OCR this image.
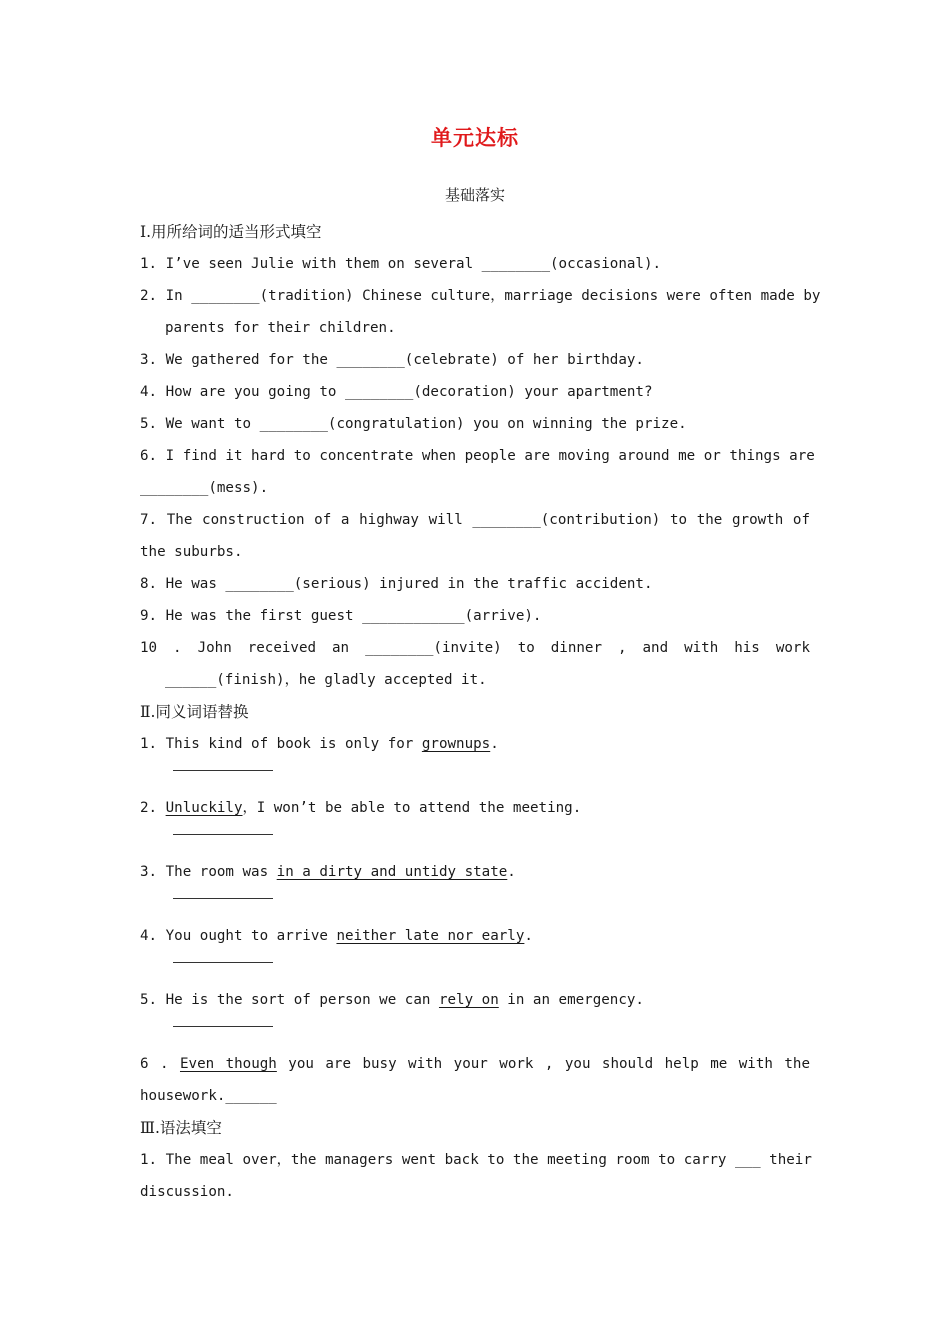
单元达标
基础落实
Ⅰ.用所给词的适当形式填空
1. I’ve seen Julie with them on several ________(occasional).
2. In ________(tradition) Chinese culture，marriage decisions were often made by
parents for their children.
3. We gathered for the ________(celebrate) of her birthday.
4. How are you going to ________(decoration) your apartment?
5. We want to ________(congratulation) you on winning the prize.
6. I find it hard to concentrate when people are moving around me or things are
________(mess).
7. The construction of a highway will ________(contribution) to the growth of
the suburbs.
8. He was ________(serious) injured in the traffic accident.
9. He was the first guest ____________(arrive).
10 . John received an ________(invite) to dinner , and with his work
______(finish)，he gladly accepted it.
Ⅱ.同义词语替换
1. This kind of book is only for grownups.
2. Unluckily，I won’t be able to attend the meeting.
3. The room was in a dirty and untidy state.
4. You ought to arrive neither late nor early.
5. He is the sort of person we can rely on in an emergency.
6 . Even though you are busy with your work , you should help me with the
housework.______
Ⅲ.语法填空
1. The meal over，the managers went back to the meeting room to carry ___ their
discussion.
